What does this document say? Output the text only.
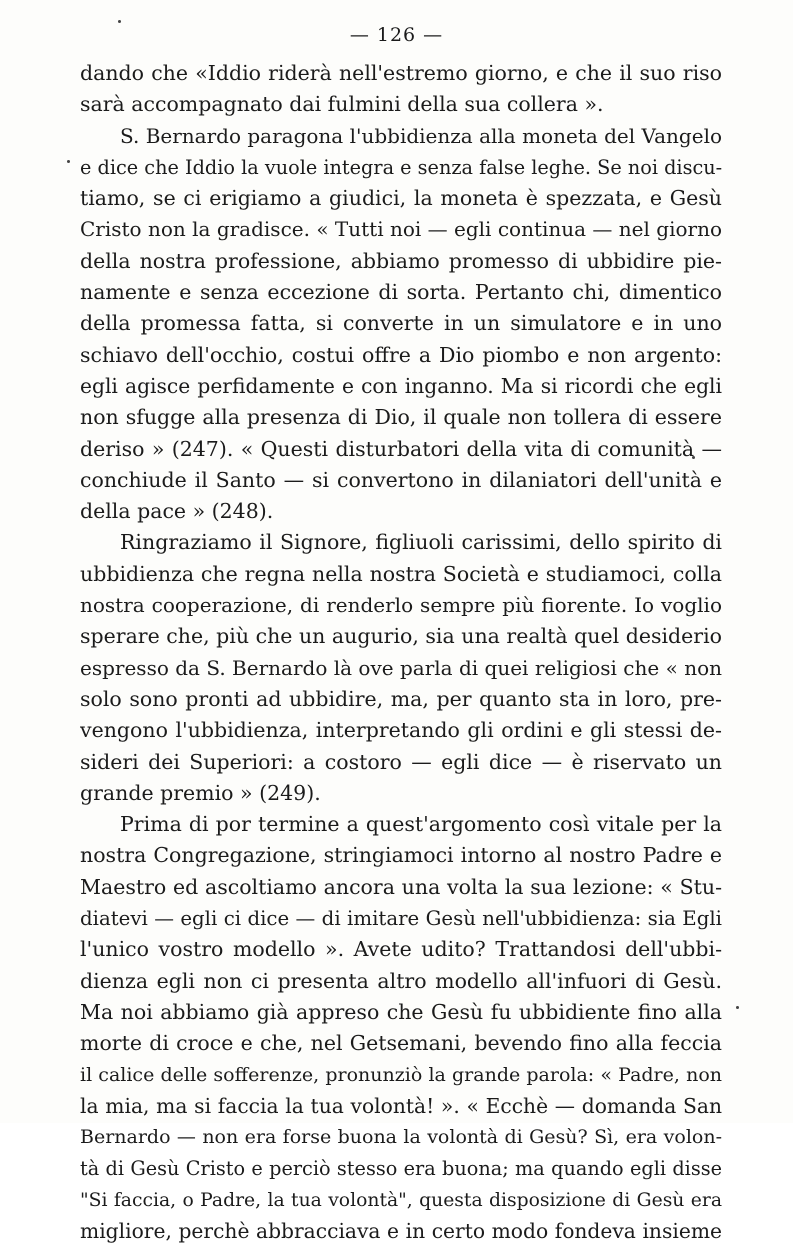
— 126 —
dando che «Iddio riderà nell'estremo giorno, e che il suo riso
sarà accompagnato dai fulmini della sua collera ».
S. Bernardo paragona l'ubbidienza alla moneta del Vangelo
e dice che Iddio la vuole integra e senza false leghe. Se noi discu-
tiamo, se ci erigiamo a giudici, la moneta è spezzata, e Gesù
Cristo non la gradisce. « Tutti noi — egli continua — nel giorno
della nostra professione, abbiamo promesso di ubbidire pie-
namente e senza eccezione di sorta. Pertanto chi, dimentico
della promessa fatta, si converte in un simulatore e in uno
schiavo dell'occhio, costui offre a Dio piombo e non argento:
egli agisce perfidamente e con inganno. Ma si ricordi che egli
non sfugge alla presenza di Dio, il quale non tollera di essere
deriso » (247). « Questi disturbatori della vita di comunità —
conchiude il Santo — si convertono in dilaniatori dell'unità e
della pace » (248).
Ringraziamo il Signore, figliuoli carissimi, dello spirito di
ubbidienza che regna nella nostra Società e studiamoci, colla
nostra cooperazione, di renderlo sempre più fiorente. Io voglio
sperare che, più che un augurio, sia una realtà quel desiderio
espresso da S. Bernardo là ove parla di quei religiosi che « non
solo sono pronti ad ubbidire, ma, per quanto sta in loro, pre-
vengono l'ubbidienza, interpretando gli ordini e gli stessi de-
sideri dei Superiori: a costoro — egli dice — è riservato un
grande premio » (249).
Prima di por termine a quest'argomento così vitale per la
nostra Congregazione, stringiamoci intorno al nostro Padre e
Maestro ed ascoltiamo ancora una volta la sua lezione: « Stu-
diatevi — egli ci dice — di imitare Gesù nell'ubbidienza: sia Egli
l'unico vostro modello ». Avete udito? Trattandosi dell'ubbi-
dienza egli non ci presenta altro modello all'infuori di Gesù.
Ma noi abbiamo già appreso che Gesù fu ubbidiente fino alla
morte di croce e che, nel Getsemani, bevendo fino alla feccia
il calice delle sofferenze, pronunziò la grande parola: « Padre, non
la mia, ma si faccia la tua volontà! ». « Ecchè — domanda San
Bernardo — non era forse buona la volontà di Gesù? Sì, era volon-
tà di Gesù Cristo e perciò stesso era buona; ma quando egli disse
"Si faccia, o Padre, la tua volontà", questa disposizione di Gesù era
migliore, perchè abbracciava e in certo modo fondeva insieme
